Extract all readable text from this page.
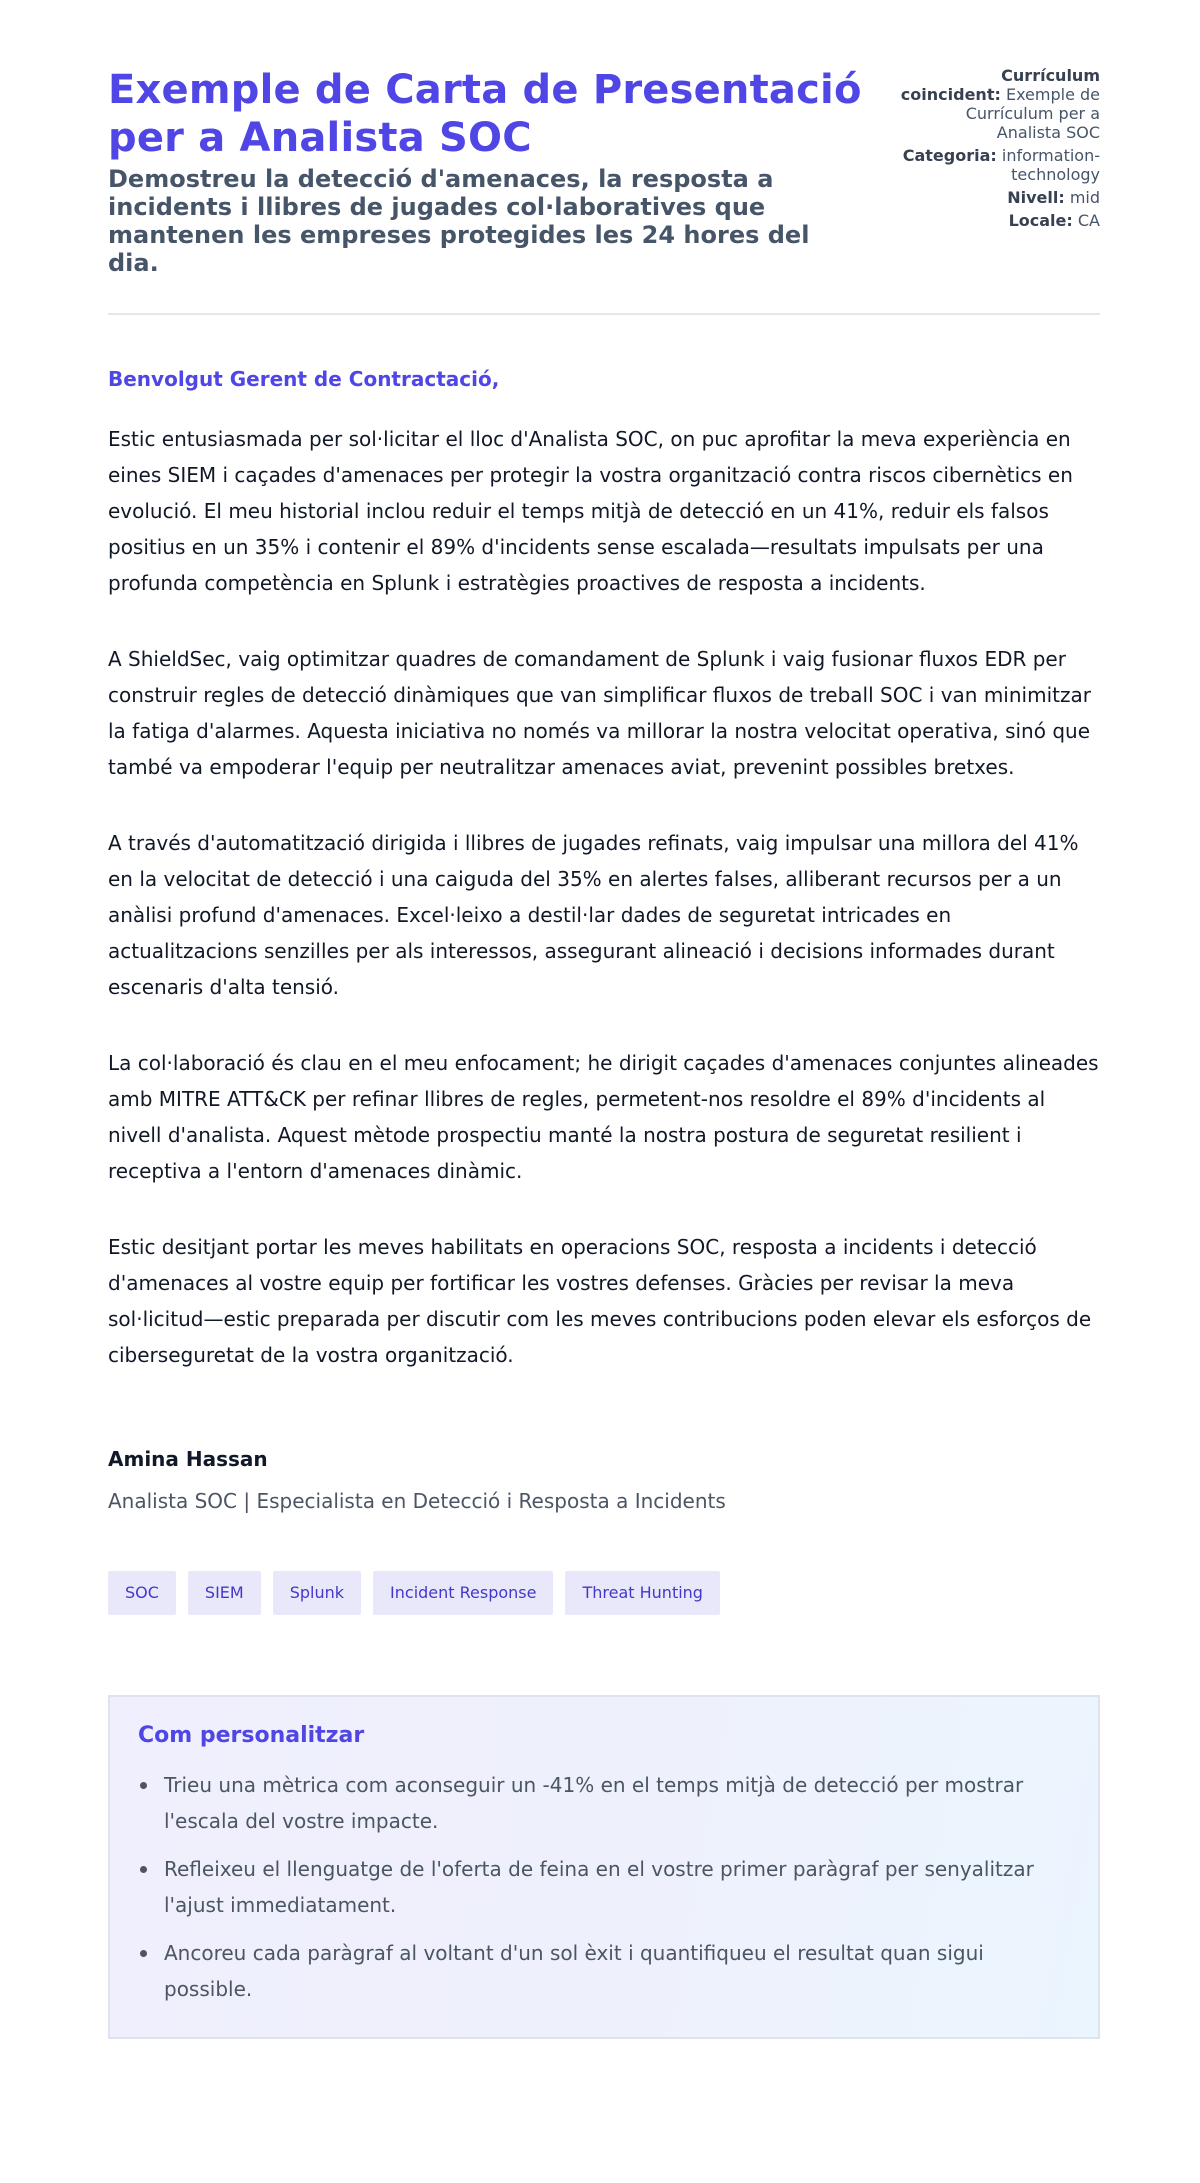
Exemple de Carta de Presentació per a Analista SOC
Demostreu la detecció d'amenaces, la resposta a incidents i llibres de jugades col·laboratives que mantenen les empreses protegides les 24 hores del dia.
Currículum coincident: Exemple de Currículum per a Analista SOC
Categoria: information-technology
Nivell: mid
Locale: CA

Benvolgut Gerent de Contractació,

Estic entusiasmada per sol·licitar el lloc d'Analista SOC, on puc aprofitar la meva experiència en eines SIEM i caçades d'amenaces per protegir la vostra organització contra riscos cibernètics en evolució. El meu historial inclou reduir el temps mitjà de detecció en un 41%, reduir els falsos positius en un 35% i contenir el 89% d'incidents sense escalada—resultats impulsats per una profunda competència en Splunk i estratègies proactives de resposta a incidents.

A ShieldSec, vaig optimitzar quadres de comandament de Splunk i vaig fusionar fluxos EDR per construir regles de detecció dinàmiques que van simplificar fluxos de treball SOC i van minimitzar la fatiga d'alarmes. Aquesta iniciativa no només va millorar la nostra velocitat operativa, sinó que també va empoderar l'equip per neutralitzar amenaces aviat, prevenint possibles bretxes.

A través d'automatització dirigida i llibres de jugades refinats, vaig impulsar una millora del 41% en la velocitat de detecció i una caiguda del 35% en alertes falses, alliberant recursos per a un anàlisi profund d'amenaces. Excel·leixo a destil·lar dades de seguretat intricades en actualitzacions senzilles per als interessos, assegurant alineació i decisions informades durant escenaris d'alta tensió.

La col·laboració és clau en el meu enfocament; he dirigit caçades d'amenaces conjuntes alineades amb MITRE ATT&CK per refinar llibres de regles, permetent-nos resoldre el 89% d'incidents al nivell d'analista. Aquest mètode prospectiu manté la nostra postura de seguretat resilient i receptiva a l'entorn d'amenaces dinàmic.

Estic desitjant portar les meves habilitats en operacions SOC, resposta a incidents i detecció d'amenaces al vostre equip per fortificar les vostres defenses. Gràcies per revisar la meva sol·licitud—estic preparada per discutir com les meves contribucions poden elevar els esforços de ciberseguretat de la vostra organització.

Amina Hassan
Analista SOC | Especialista en Detecció i Resposta a Incidents
SOC	SIEM	Splunk	Incident Response	Threat Hunting
Com personalitzar
Trieu una mètrica com aconseguir un -41% en el temps mitjà de detecció per mostrar l'escala del vostre impacte.
Refleixeu el llenguatge de l'oferta de feina en el vostre primer paràgraf per senyalitzar l'ajust immediatament.
Ancoreu cada paràgraf al voltant d'un sol èxit i quantifiqueu el resultat quan sigui possible.
